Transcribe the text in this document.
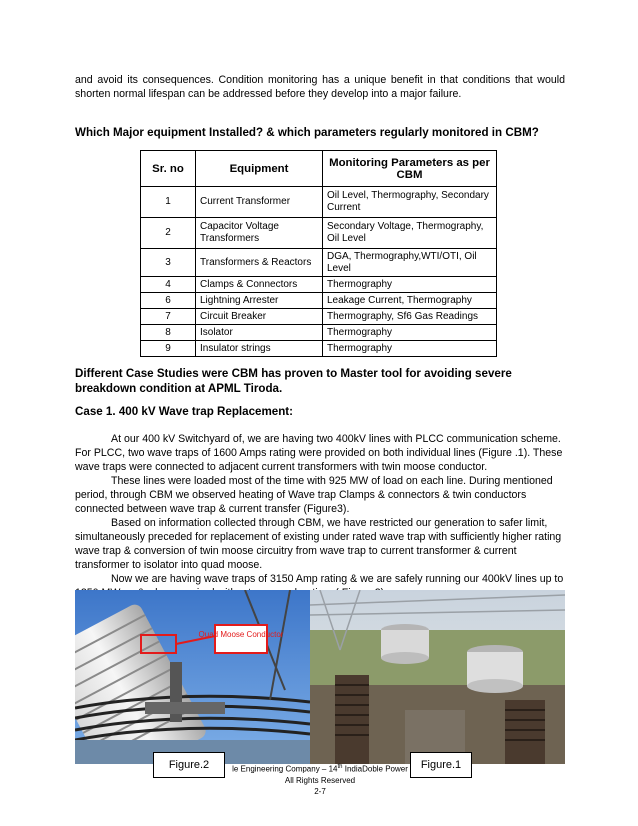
and avoid its consequences. Condition monitoring has a unique benefit in that conditions that would shorten normal lifespan can be addressed before they develop into a major failure.
Which Major equipment Installed? & which parameters regularly monitored in CBM?
Sr. no	Equipment	Monitoring Parameters as per CBM
1	Current Transformer	Oil Level, Thermography, Secondary Current
2	Capacitor Voltage Transformers	Secondary Voltage, Thermography, Oil Level
3	Transformers & Reactors	DGA, Thermography,WTI/OTI, Oil Level
4	Clamps & Connectors	Thermography
6	Lightning Arrester	Leakage Current, Thermography
7	Circuit Breaker	Thermography, Sf6 Gas Readings
8	Isolator	Thermography
9	Insulator strings	Thermography
Different Case Studies were CBM has proven to Master tool for avoiding severe breakdown condition at APML Tiroda.
Case 1. 400 kV Wave trap Replacement:
At our 400 kV Switchyard of, we are having two 400kV lines with PLCC communication scheme. For PLCC, two wave traps of 1600 Amps rating were provided on both individual lines (Figure .1). These wave traps were connected to adjacent current transformers with twin moose conductor.
These lines were loaded most of the time with 925 MW of load on each line. During mentioned period, through CBM we observed heating of Wave trap Clamps & connectors & twin conductors connected between wave trap & current transfer (Figure3).
Based on information collected through CBM, we have restricted our generation to safer limit, simultaneously preceded for replacement of existing under rated wave trap with sufficiently higher rating wave trap & conversion of twin moose circuitry from wave trap to current transformer & current transformer to isolator into quad moose.
Now we are having wave traps of 3150 Amp rating & we are safely running our 400kV lines up to
Quad Moose Conductor
Figure.2	Figure.1
le Engineering Company – 14th IndiaDoble Power
All Rights Reserved
2-7
